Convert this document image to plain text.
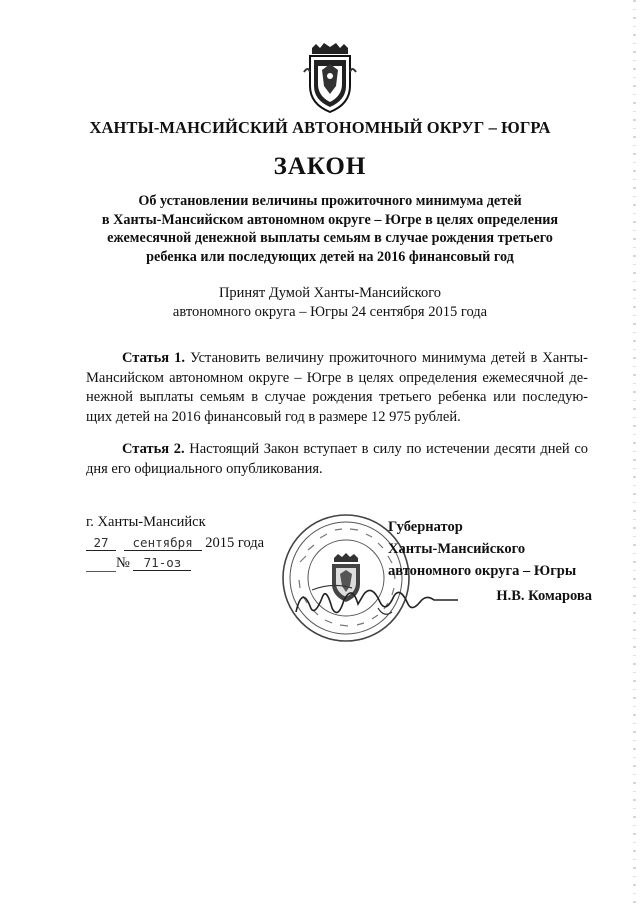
ХАНТЫ-МАНСИЙСКИЙ АВТОНОМНЫЙ ОКРУГ – ЮГРА
ЗАКОН
Об установлении величины прожиточного минимума детей
в Ханты-Мансийском автономном округе – Югре в целях определения
ежемесячной денежной выплаты семьям в случае рождения третьего
ребенка или последующих детей на 2016 финансовый год
Принят Думой Ханты-Мансийского
автономного округа – Югры 24 сентября 2015 года
Статья 1. Установить величину прожиточного минимума детей в Ханты-
Мансийском автономном округе – Югре в целях определения ежемесячной де-
нежной выплаты семьям в случае рождения третьего ребенка или последую-
щих детей на 2016 финансовый год в размере 12 975 рублей.
Статья 2. Настоящий Закон вступает в силу по истечении десяти дней со
дня его официального опубликования.
г. Ханты-Мансийск
27 сентября 2015 года
№ 71-оз
Губернатор
Ханты-Мансийского
автономного округа – Югры
Н.В. Комарова
